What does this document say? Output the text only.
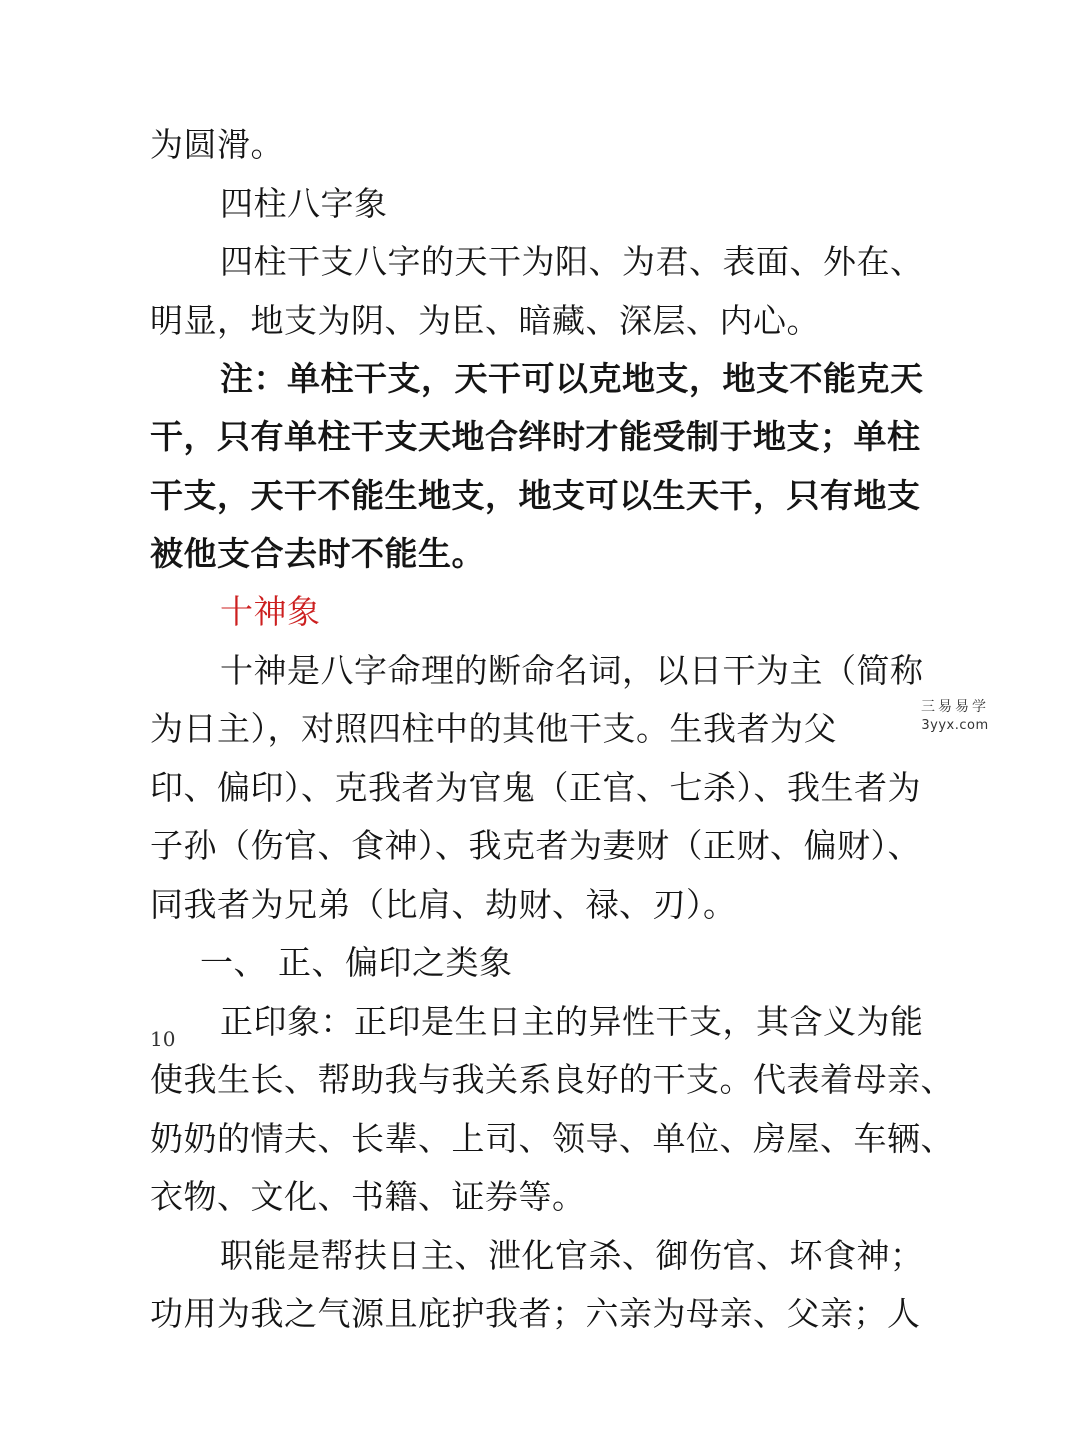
为圆滑。
四柱八字象
四柱干支八字的天干为阳、为君、表面、外在、
明显，地支为阴、为臣、暗藏、深层、内心。
注：单柱干支，天干可以克地支，地支不能克天
干，只有单柱干支天地合绊时才能受制于地支；单柱
干支，天干不能生地支，地支可以生天干，只有地支
被他支合去时不能生。
十神象
十神是八字命理的断命名词，以日干为主（简称
为日主），对照四柱中的其他干支。生我者为父
印、偏印）、克我者为官鬼（正官、七杀）、我生者为
子孙（伤官、食神）、我克者为妻财（正财、偏财）、
同我者为兄弟（比肩、劫财、禄、刃）。
一、 正、偏印之类象
正印象：正印是生日主的异性干支，其含义为能
使我生长、帮助我与我关系良好的干支。代表着母亲、
奶奶的情夫、长辈、上司、领导、单位、房屋、车辆、
衣物、文化、书籍、证券等。
职能是帮扶日主、泄化官杀、御伤官、坏食神；
功用为我之气源且庇护我者；六亲为母亲、父亲；人
三易易学
3yyx.com
10
